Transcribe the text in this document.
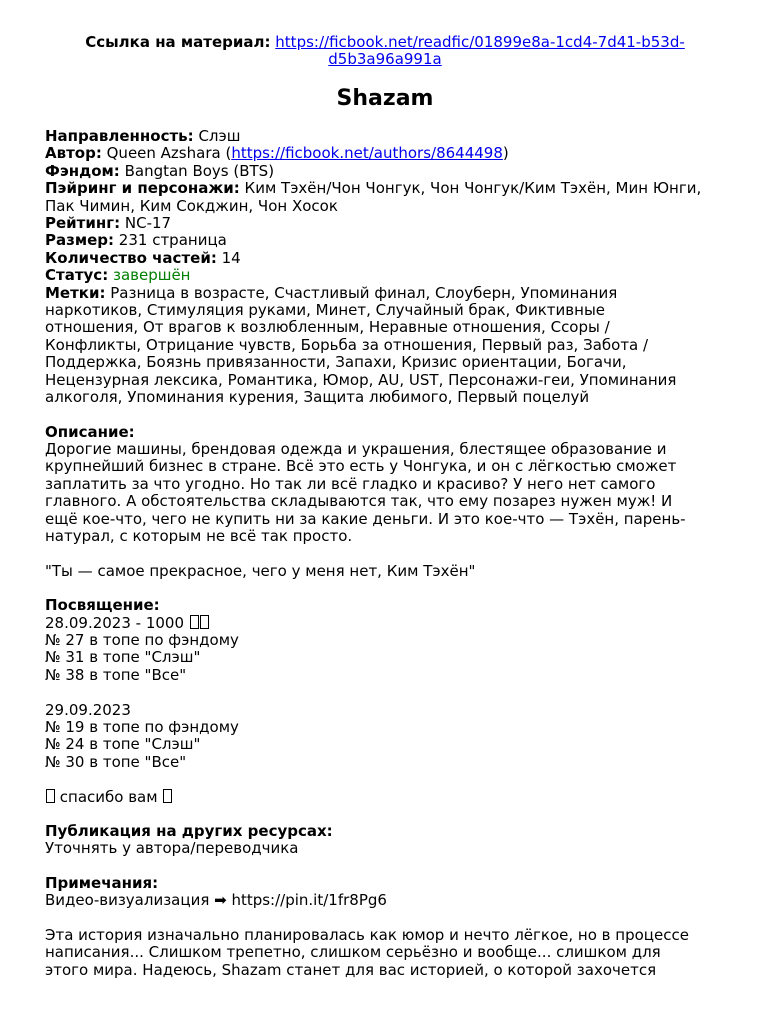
Ссылка на материал: https://ficbook.net/readfic/01899e8a-1cd4-7d41-b53d-
d5b3a96a991a
Shazam

Направленность: Слэш

Автор: Queen Azshara (https://ficbook.net/authors/8644498)

Фэндом: Bangtan Boys (BTS)

Пэйринг и персонажи: Ким Тэхён/Чон Чонгук, Чон Чонгук/Ким Тэхён, Мин Юнги,
Пак Чимин, Ким Сокджин, Чон Хосок

Рейтинг: NC-17

Размер: 231 страница

Количество частей: 14

Статус: завершён

Метки: Разница в возрасте, Счастливый финал, Слоуберн, Упоминания
наркотиков, Стимуляция руками, Минет, Случайный брак, Фиктивные
отношения, От врагов к возлюбленным, Неравные отношения, Ссоры /
Конфликты, Отрицание чувств, Борьба за отношения, Первый раз, Забота /
Поддержка, Боязнь привязанности, Запахи, Кризис ориентации, Богачи,
Нецензурная лексика, Романтика, Юмор, AU, UST, Персонажи-геи, Упоминания
алкоголя, Упоминания курения, Защита любимого, Первый поцелуй

Описание:

Дорогие машины, брендовая одежда и украшения, блестящее образование и

крупнейший бизнес в стране. Всё это есть у Чонгука, и он с лёгкостью сможет

заплатить за что угодно. Но так ли всё гладко и красиво? У него нет самого

главного. А обстоятельства складываются так, что ему позарез нужен муж! И

ещё кое-что, чего не купить ни за какие деньги. И это кое-что — Тэхён, парень-

натурал, с которым не всё так просто.

"Ты — самое прекрасное, чего у меня нет, Ким Тэхён"

Посвящение:

28.09.2023 - 1000

№ 27 в топе по фэндому

№ 31 в топе "Слэш"

№ 38 в топе "Все"

29.09.2023

№ 19 в топе по фэндому

№ 24 в топе "Слэш"

№ 30 в топе "Все"

спасибо вам

Публикация на других ресурсах:

Уточнять у автора/переводчика

Примечания:

Видео-визуализация ➡ https://pin.it/1fr8Pg6

Эта история изначально планировалась как юмор и нечто лёгкое, но в процессе

написания... Слишком трепетно, слишком серьёзно и вообще... слишком для

этого мира. Надеюсь, Shazam станет для вас историей, о которой захочется
